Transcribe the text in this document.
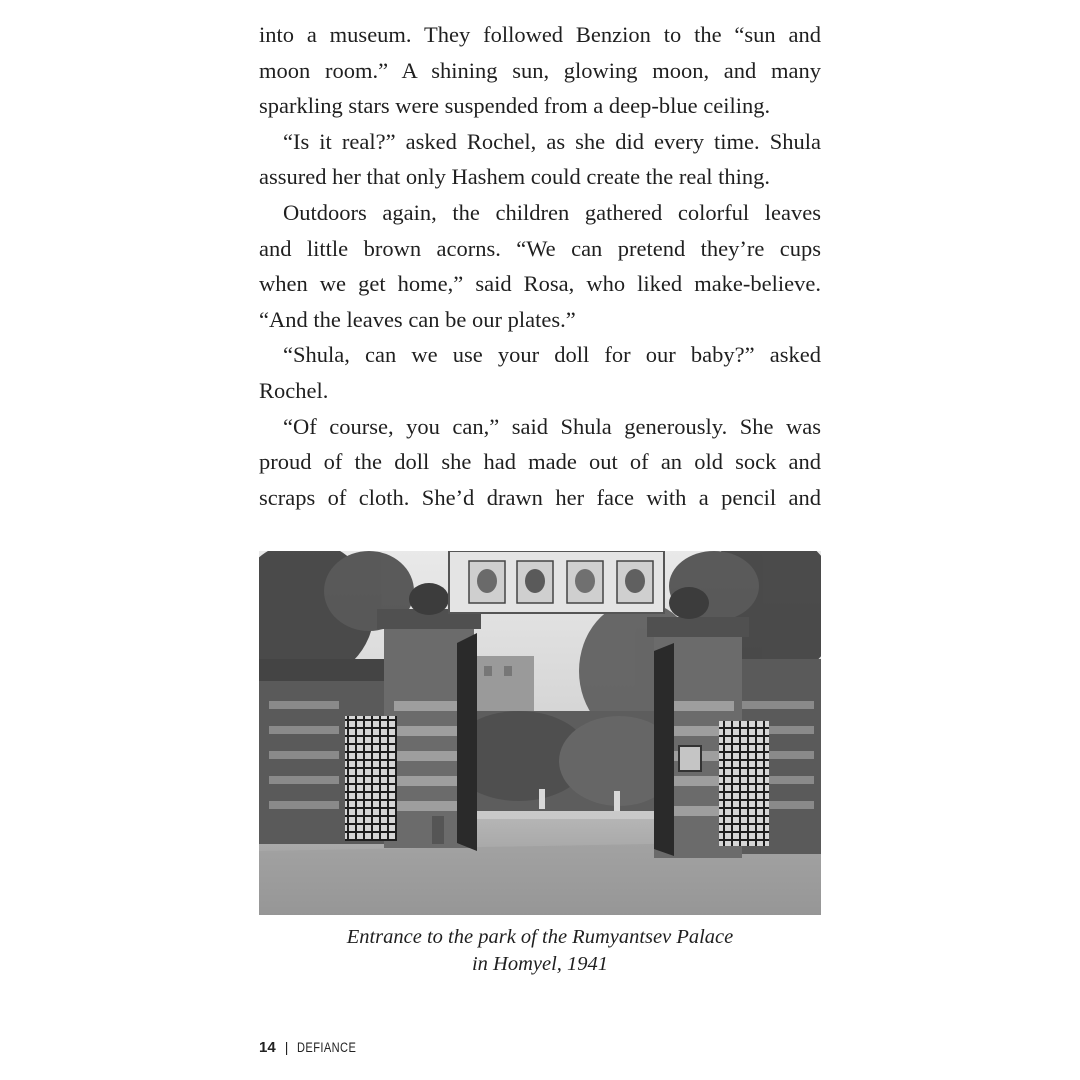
into a museum. They followed Benzion to the “sun and
moon room.” A shining sun, glowing moon, and many
sparkling stars were suspended from a deep-blue ceiling.
“Is it real?” asked Rochel, as she did every time. Shula
assured her that only Hashem could create the real thing.
Outdoors again, the children gathered colorful leaves
and little brown acorns. “We can pretend they’re cups
when we get home,” said Rosa, who liked make-believe.
“And the leaves can be our plates.”
“Shula, can we use your doll for our baby?” asked
Rochel.
“Of course, you can,” said Shula generously. She was
proud of the doll she had made out of an old sock and
scraps of cloth. She’d drawn her face with a pencil and
Entrance to the park of the Rumyantsev Palace
in Homyel, 1941
14 | DEFIANCE
